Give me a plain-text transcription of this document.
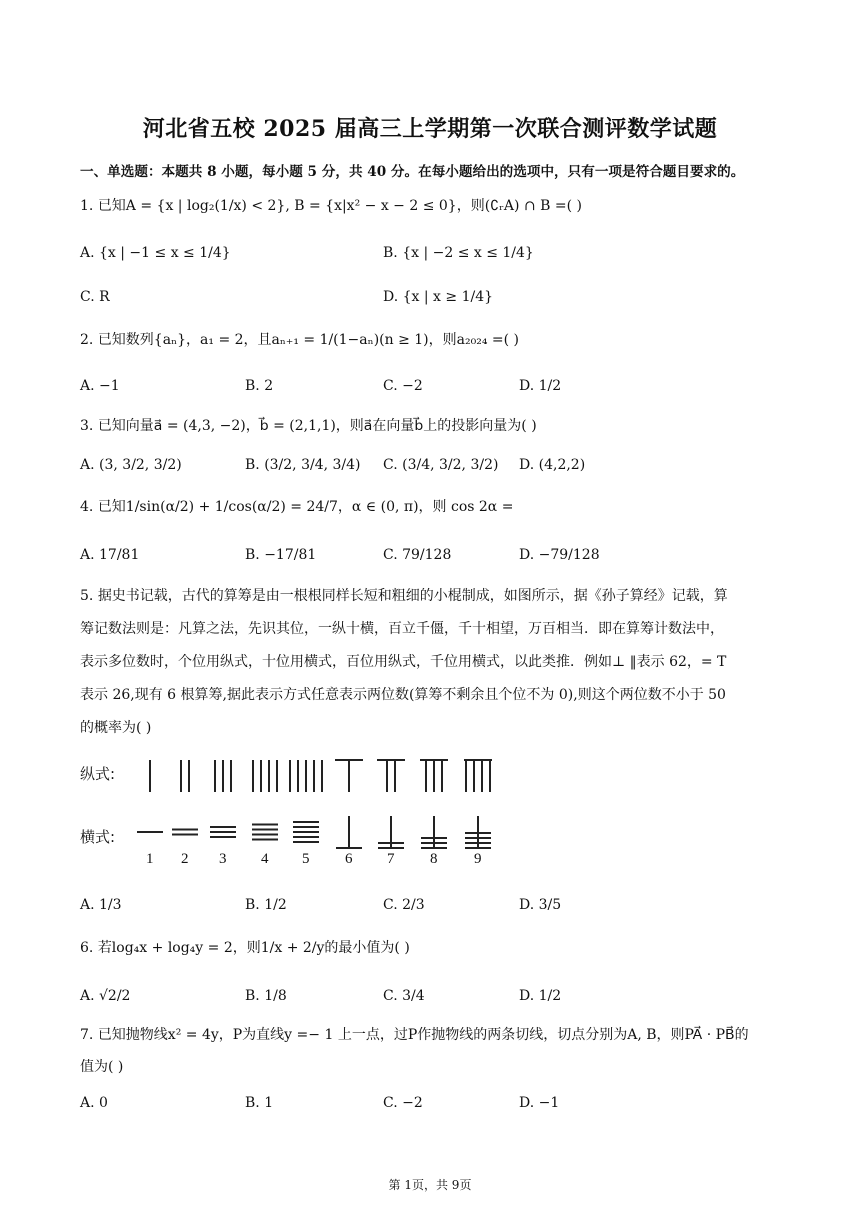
河北省五校 2025 届高三上学期第一次联合测评数学试题
一、单选题：本题共 8 小题，每小题 5 分，共 40 分。在每小题给出的选项中，只有一项是符合题目要求的。
1. 已知A = {x | log₂(1/x) < 2}, B = {x|x² − x − 2 ≤ 0}，则(∁ᵣA) ∩ B =( )
A. {x | −1 ≤ x ≤ 1/4}	B. {x | −2 ≤ x ≤ 1/4}
C. R	D. {x | x ≥ 1/4}
2. 已知数列{aₙ}，a₁ = 2，且aₙ₊₁ = 1/(1−aₙ)(n ≥ 1)，则a₂₀₂₄ =( )
A. −1	B. 2	C. −2	D. 1/2
3. 已知向量a⃗ = (4,3, −2)，b⃗ = (2,1,1)，则a⃗在向量b⃗上的投影向量为( )
A. (3, 3/2, 3/2)	B. (3/2, 3/4, 3/4) C. (3/4, 3/2, 3/2) D. (4,2,2)
4. 已知1/sin(α/2) + 1/cos(α/2) = 24/7，α ∈ (0, π)，则 cos 2α =
A. 17/81	B. −17/81	C. 79/128	D. −79/128
5. 据史书记载，古代的算筹是由一根根同样长短和粗细的小棍制成，如图所示，据《孙子算经》记载，算
筹记数法则是：凡算之法，先识其位，一纵十横，百立千僵，千十相望，万百相当．即在算筹计数法中，
表示多位数时，个位用纵式，十位用横式，百位用纵式，千位用横式，以此类推．例如⊥ ‖表示 62，= T
表示 26,现有 6 根算筹,据此表示方式任意表示两位数(算筹不剩余且个位不为 0),则这个两位数不小于 50
的概率为( )
纵式:
横式:
1 2 3 4 5 6 7 8 9
A. 1/3	B. 1/2	C. 2/3	D. 3/5
6. 若log₄x + log₄y = 2，则1/x + 2/y的最小值为( )
A. √2/2	B. 1/8	C. 3/4	D. 1/2
7. 已知抛物线x² = 4y，P为直线y =− 1 上一点，过P作抛物线的两条切线，切点分别为A, B，则PA⃗ · PB⃗的
值为( )
A. 0	B. 1	C. −2	D. −1
第 1页，共 9页
